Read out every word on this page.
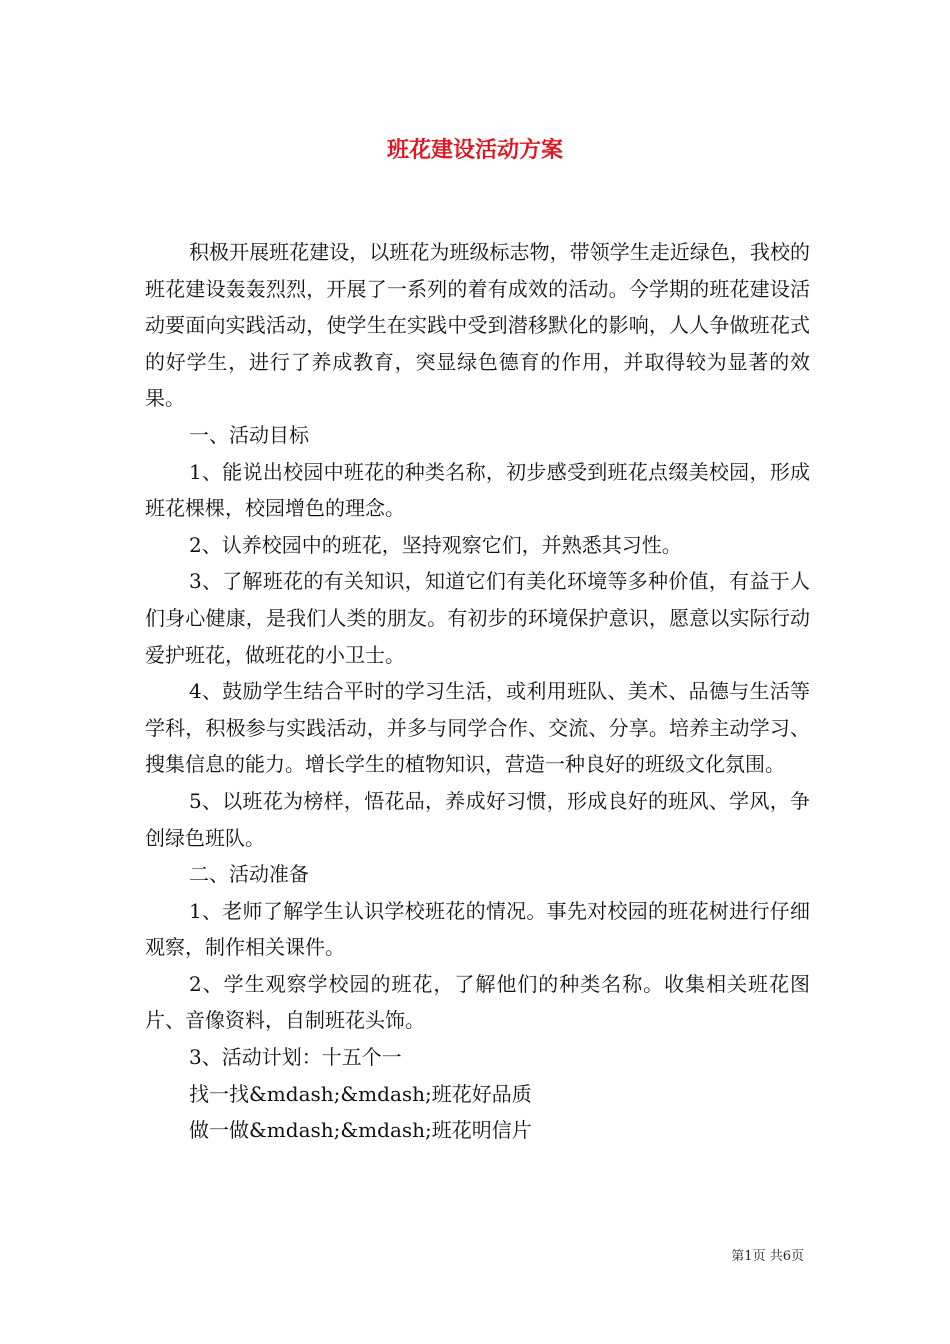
班花建设活动方案

积极开展班花建设，以班花为班级标志物，带领学生走近绿色，我校的班花建设轰轰烈烈，开展了一系列的着有成效的活动。今学期的班花建设活动要面向实践活动，使学生在实践中受到潜移默化的影响，人人争做班花式的好学生，进行了养成教育，突显绿色德育的作用，并取得较为显著的效果。

一、活动目标

1、能说出校园中班花的种类名称，初步感受到班花点缀美校园，形成班花棵棵，校园增色的理念。

2、认养校园中的班花，坚持观察它们，并熟悉其习性。

3、了解班花的有关知识，知道它们有美化环境等多种价值，有益于人们身心健康，是我们人类的朋友。有初步的环境保护意识，愿意以实际行动爱护班花，做班花的小卫士。

4、鼓励学生结合平时的学习生活，或利用班队、美术、品德与生活等学科，积极参与实践活动，并多与同学合作、交流、分享。培养主动学习、搜集信息的能力。增长学生的植物知识，营造一种良好的班级文化氛围。

5、以班花为榜样，悟花品，养成好习惯，形成良好的班风、学风，争创绿色班队。

二、活动准备

1、老师了解学生认识学校班花的情况。事先对校园的班花树进行仔细观察，制作相关课件。

2、学生观察学校园的班花，了解他们的种类名称。收集相关班花图片、音像资料，自制班花头饰。

3、活动计划：十五个一

找一找&mdash;&mdash;班花好品质

做一做&mdash;&mdash;班花明信片

第1页 共6页
